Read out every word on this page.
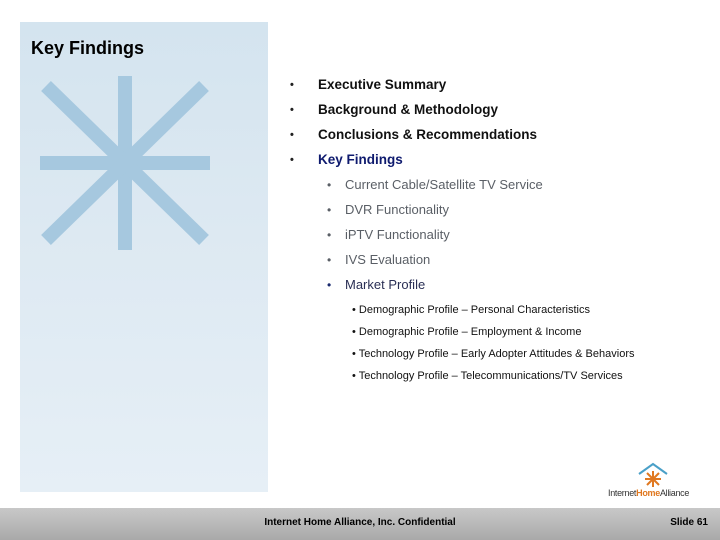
Key Findings
• Executive Summary
• Background & Methodology
• Conclusions & Recommendations
• Key Findings
• Current Cable/Satellite TV Service
• DVR Functionality
• iPTV Functionality
• IVS Evaluation
• Market Profile
• Demographic Profile – Personal Characteristics
• Demographic Profile – Employment & Income
• Technology Profile – Early Adopter Attitudes & Behaviors
• Technology Profile – Telecommunications/TV Services
InternetHomeAlliance
Internet Home Alliance, Inc. Confidential	Slide 61
